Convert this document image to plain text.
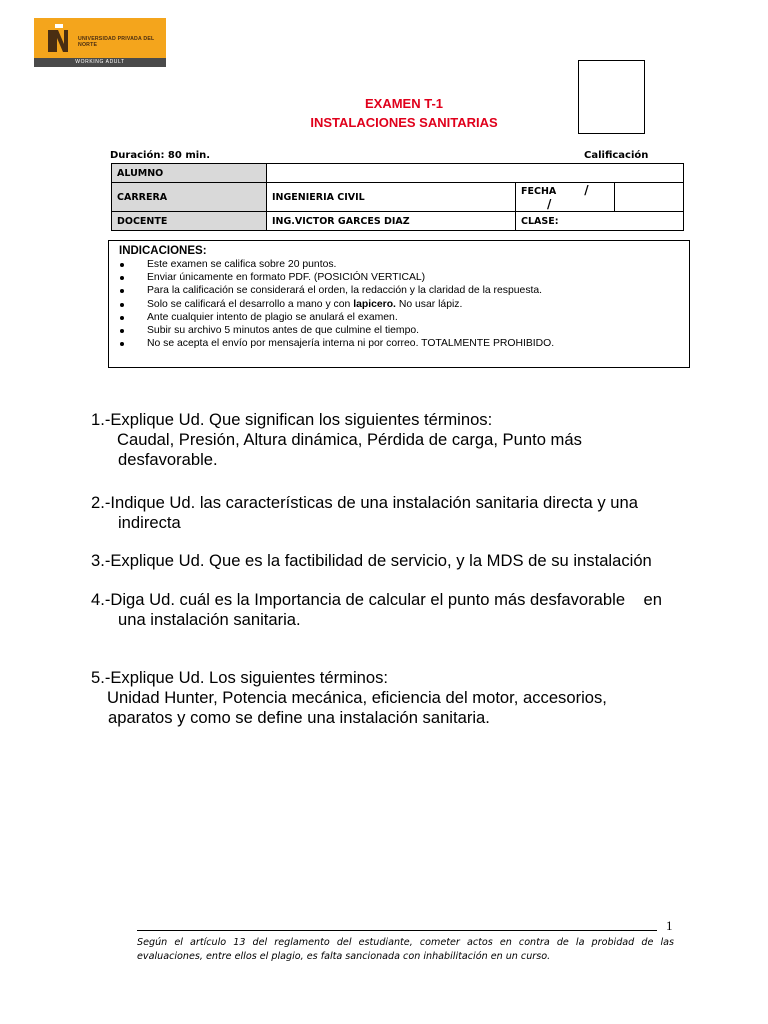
UNIVERSIDAD PRIVADA DEL NORTE
WORKING ADULT
EXAMEN T-1
INSTALACIONES SANITARIAS
Duración: 80 min.	Calificación
ALUMNO			
CARRERA	INGENIERIA CIVIL	FECHA //	
DOCENTE	ING.VICTOR GARCES DIAZ	CLASE:	
INDICACIONES:
Este examen se califica sobre 20 puntos.
Enviar únicamente en formato PDF. (POSICIÓN VERTICAL)
Para la calificación se considerará el orden, la redacción y la claridad de la respuesta.
Solo se calificará el desarrollo a mano y con lapicero. No usar lápiz.
Ante cualquier intento de plagio se anulará el examen.
Subir su archivo 5 minutos antes de que culmine el tiempo.
No se acepta el envío por mensajería interna ni por correo. TOTALMENTE PROHIBIDO.
1.-Explique Ud. Que significan los siguientes términos:
Caudal, Presión, Altura dinámica, Pérdida de carga, Punto más
desfavorable.
2.-Indique Ud. las características de una instalación sanitaria directa y una
indirecta
3.-Explique Ud. Que es la factibilidad de servicio, y la MDS de su instalación
4.-Diga Ud. cuál es la Importancia de calcular el punto más desfavorable    en
una instalación sanitaria.
5.-Explique Ud. Los siguientes términos:
Unidad Hunter, Potencia mecánica, eficiencia del motor, accesorios,
aparatos y como se define una instalación sanitaria.
1
Según el artículo 13 del reglamento del estudiante, cometer actos en contra de la probidad de las evaluaciones, entre ellos el plagio, es falta sancionada con inhabilitación en un curso.
